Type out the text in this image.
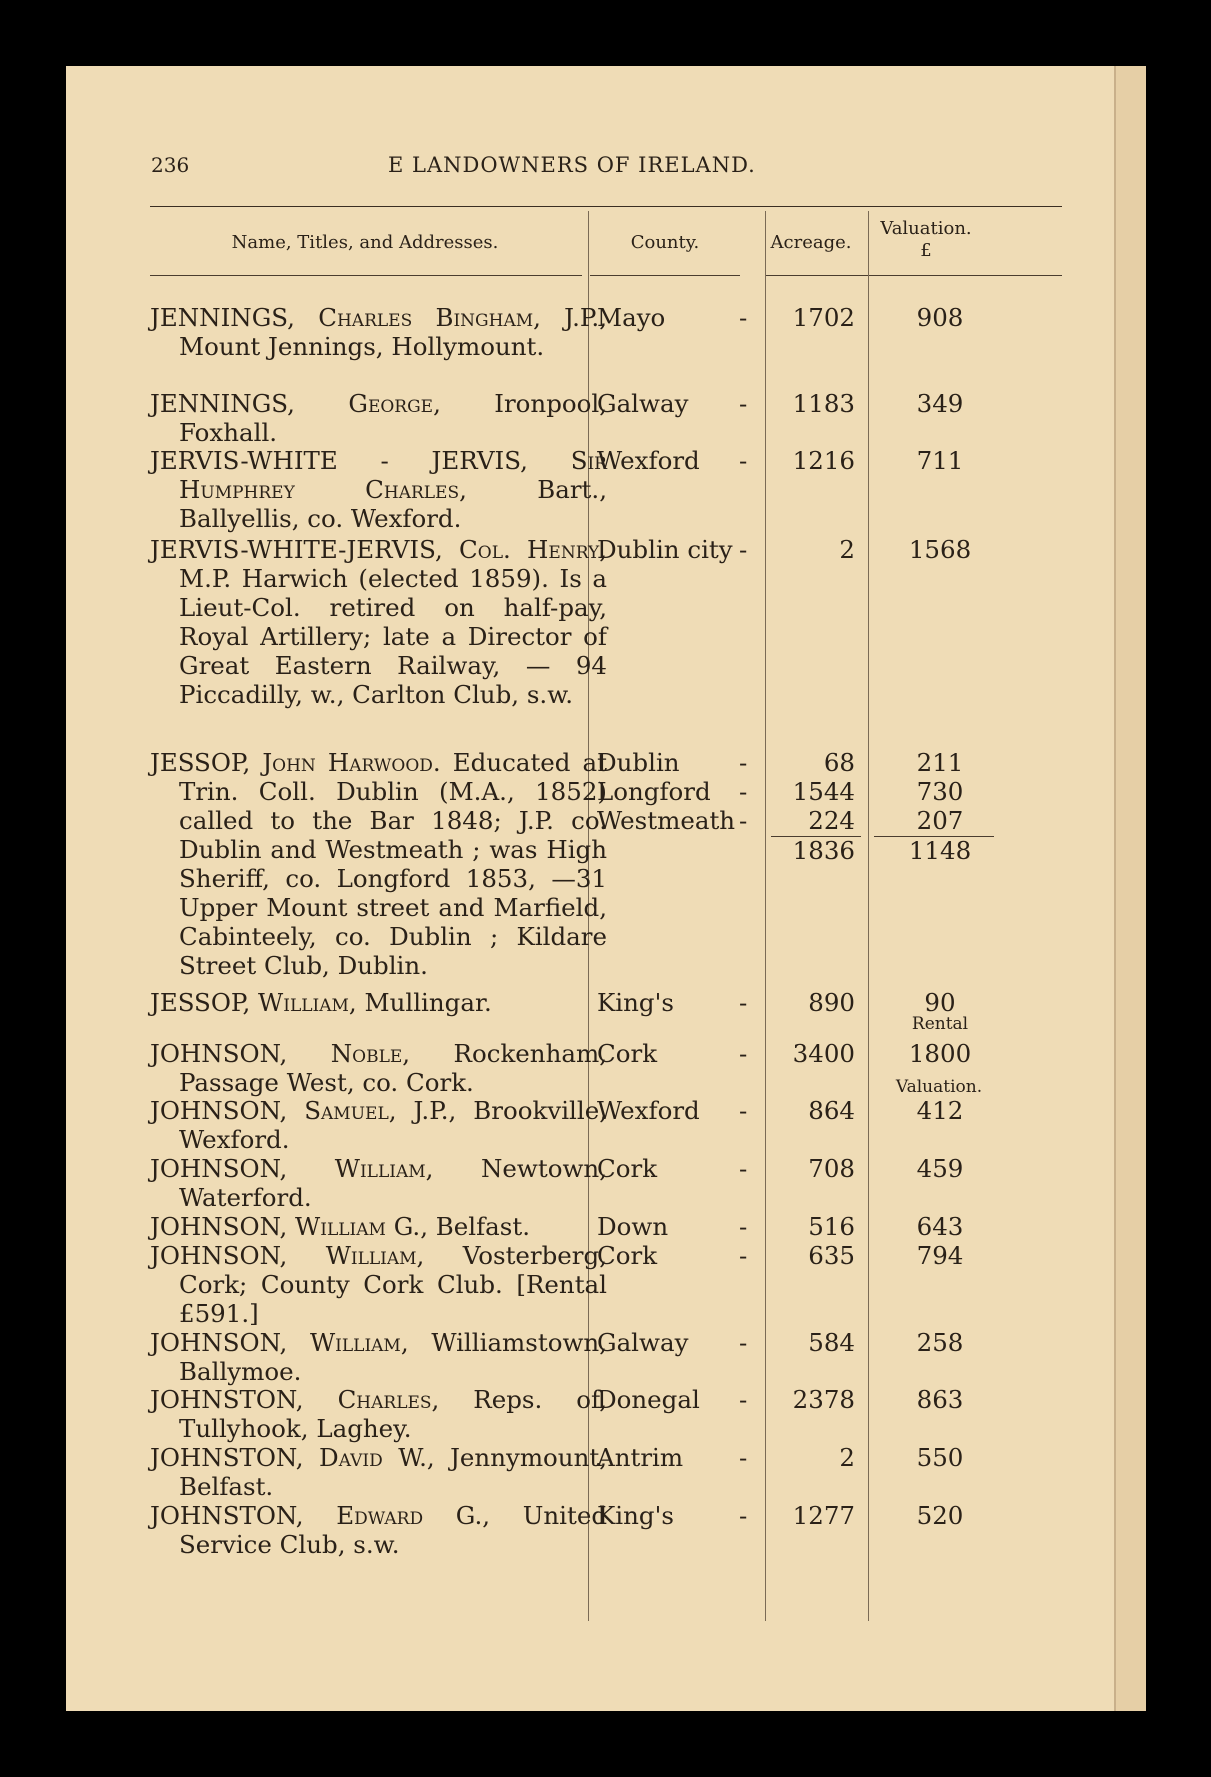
236	E LANDOWNERS OF IRELAND.
Name, Titles, and Addresses.	County.	Acreage.
Valuation.
£
JENNINGS, Charles Bingham, J.P., Mount Jennings, Hollymount.
Mayo	-	1702	908
JENNINGS, George, Ironpool, Foxhall.
Galway -	1183	349
JERVIS-WHITE - JERVIS, Sir Humphrey Charles, Bart., Ballyellis, co. Wexford.
Wexford -	1216	711
JERVIS-WHITE-JERVIS, Col. Henry, M.P. Harwich (elected 1859). Is a Lieut-Col. retired on half-pay, Royal Artillery; late a Director of Great Eastern Railway, — 94 Piccadilly, w., Carlton Club, s.w.
Dublin city -	2	1568
JESSOP, John Harwood. Educated at Trin. Coll. Dublin (M.A., 1852) called to the Bar 1848; J.P. co. Dublin and Westmeath ; was High Sheriff, co. Longford 1853, —31 Upper Mount street and Marfield, Cabinteely, co. Dublin ; Kildare Street Club, Dublin.
Dublin -	68	211
Longford -	1544	730
Westmeath -	224	207
1836	1148
JESSOP, William, Mullingar.	King's	-	890	90
Rental
JOHNSON, Noble, Rockenham, Passage West, co. Cork.
Cork	-	3400	1800
Valuation.
JOHNSON, Samuel, J.P., Brookville, Wexford.
Wexford -	864	412
JOHNSON, William, Newtown, Waterford.
Cork	-	708	459
JOHNSON, William G., Belfast.	Down	-	516	643
JOHNSON, William, Vosterberg, Cork; County Cork Club. [Rental £591.]
Cork	-	635	794
JOHNSON, William, Williamstown, Ballymoe.
Galway -	584	258
JOHNSTON, Charles, Reps. of, Tullyhook, Laghey.
Donegal -	2378	863
JOHNSTON, David W., Jennymount, Belfast.
Antrim -	2	550
JOHNSTON, Edward G., United Service Club, s.w.
King's	-	1277	520
